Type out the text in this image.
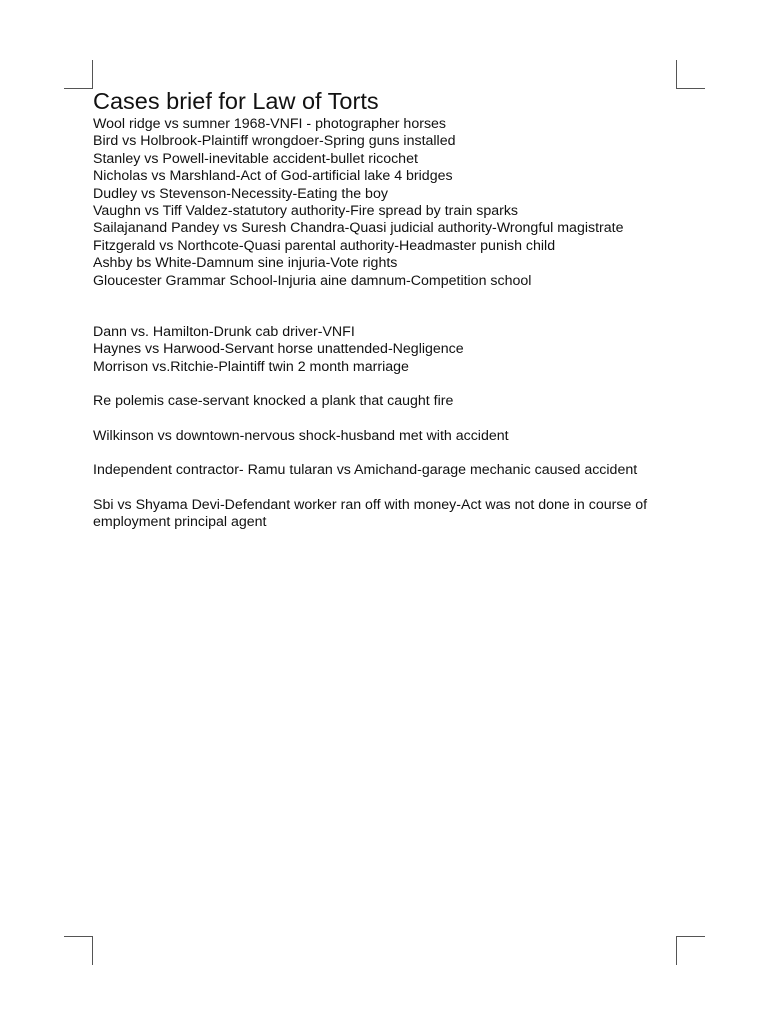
Cases brief for Law of Torts

Wool ridge vs sumner 1968-VNFI - photographer horses

Bird vs Holbrook-Plaintiff wrongdoer-Spring guns installed

Stanley vs Powell-inevitable accident-bullet ricochet

Nicholas vs Marshland-Act of God-artificial lake 4 bridges

Dudley vs Stevenson-Necessity-Eating the boy

Vaughn vs Tiff Valdez-statutory authority-Fire spread by train sparks

Sailajanand Pandey vs Suresh Chandra-Quasi judicial authority-Wrongful magistrate

Fitzgerald vs Northcote-Quasi parental authority-Headmaster punish child

Ashby bs White-Damnum sine injuria-Vote rights

Gloucester Grammar School-Injuria aine damnum-Competition school

Dann vs. Hamilton-Drunk cab driver-VNFI

Haynes vs Harwood-Servant horse unattended-Negligence

Morrison vs.Ritchie-Plaintiff twin 2 month marriage

Re polemis case-servant knocked a plank that caught fire

Wilkinson vs downtown-nervous shock-husband met with accident

Independent contractor- Ramu tularan vs Amichand-garage mechanic caused accident

Sbi vs Shyama Devi-Defendant worker ran off with money-Act was not done in course of employment principal agent
